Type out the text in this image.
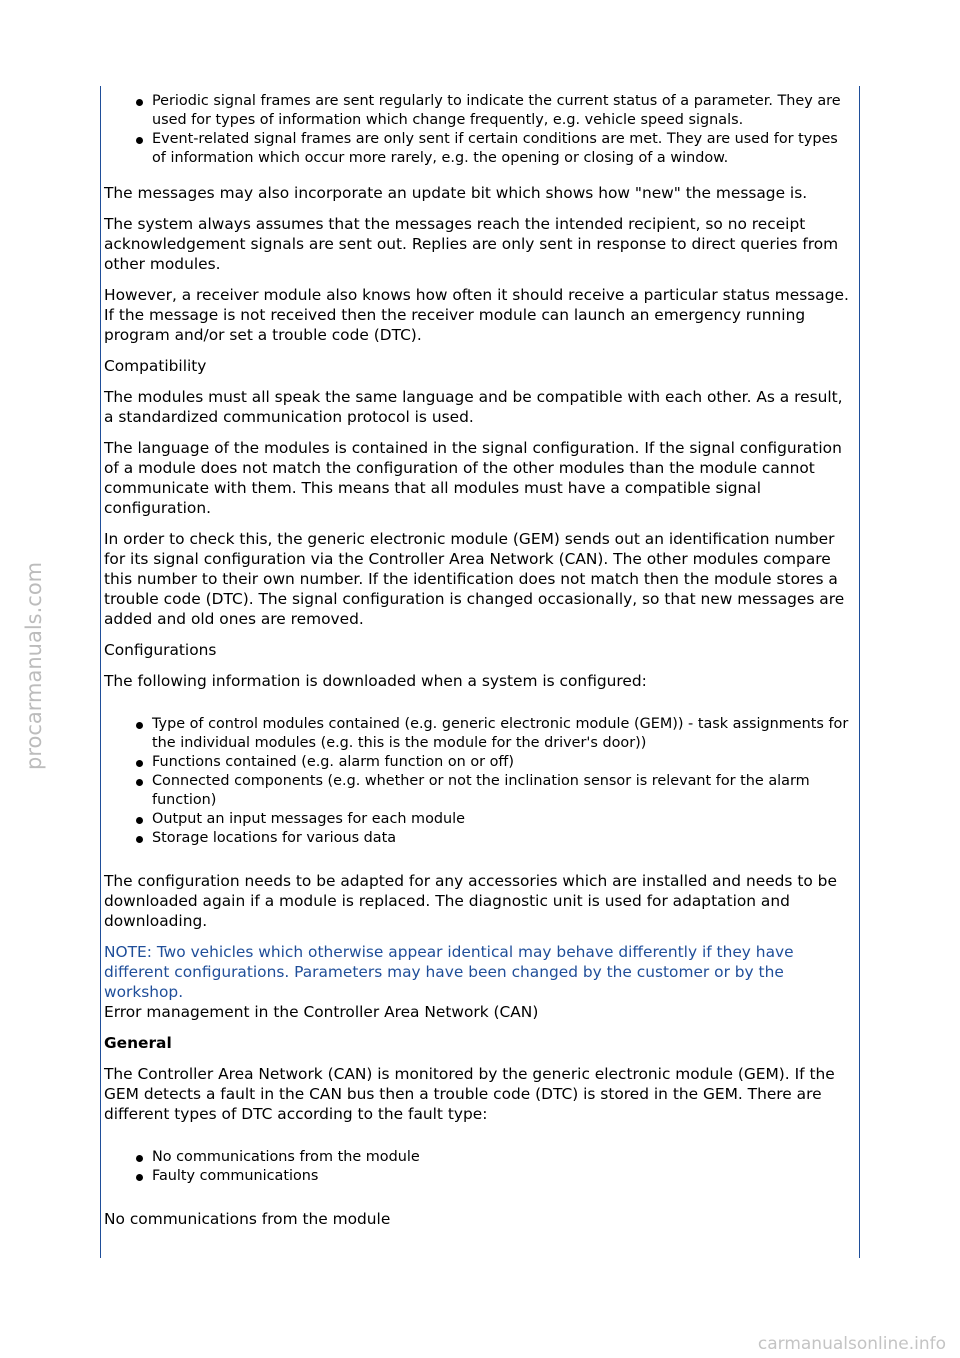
Periodic signal frames are sent regularly to indicate the current status of a parameter. They are used for types of information which change frequently, e.g. vehicle speed signals.
Event-related signal frames are only sent if certain conditions are met. They are used for types of information which occur more rarely, e.g. the opening or closing of a window.

The messages may also incorporate an update bit which shows how "new" the message is.

The system always assumes that the messages reach the intended recipient, so no receipt acknowledgement signals are sent out. Replies are only sent in response to direct queries from other modules.

However, a receiver module also knows how often it should receive a particular status message. If the message is not received then the receiver module can launch an emergency running program and/or set a trouble code (DTC).

Compatibility

The modules must all speak the same language and be compatible with each other. As a result, a standardized communication protocol is used.

The language of the modules is contained in the signal configuration. If the signal configuration of a module does not match the configuration of the other modules than the module cannot communicate with them. This means that all modules must have a compatible signal configuration.

In order to check this, the generic electronic module (GEM) sends out an identification number for its signal configuration via the Controller Area Network (CAN). The other modules compare this number to their own number. If the identification does not match then the module stores a trouble code (DTC). The signal configuration is changed occasionally, so that new messages are added and old ones are removed.

Configurations

The following information is downloaded when a system is configured:

Type of control modules contained (e.g. generic electronic module (GEM)) - task assignments for the individual modules (e.g. this is the module for the driver's door))
Functions contained (e.g. alarm function on or off)
Connected components (e.g. whether or not the inclination sensor is relevant for the alarm function)
Output an input messages for each module
Storage locations for various data

The configuration needs to be adapted for any accessories which are installed and needs to be downloaded again if a module is replaced. The diagnostic unit is used for adaptation and downloading.

NOTE: Two vehicles which otherwise appear identical may behave differently if they have different configurations. Parameters may have been changed by the customer or by the workshop.

Error management in the Controller Area Network (CAN)

General

The Controller Area Network (CAN) is monitored by the generic electronic module (GEM). If the GEM detects a fault in the CAN bus then a trouble code (DTC) is stored in the GEM. There are different types of DTC according to the fault type:

No communications from the module
Faulty communications

No communications from the module

procarmanuals.com
carmanualsonline.info
